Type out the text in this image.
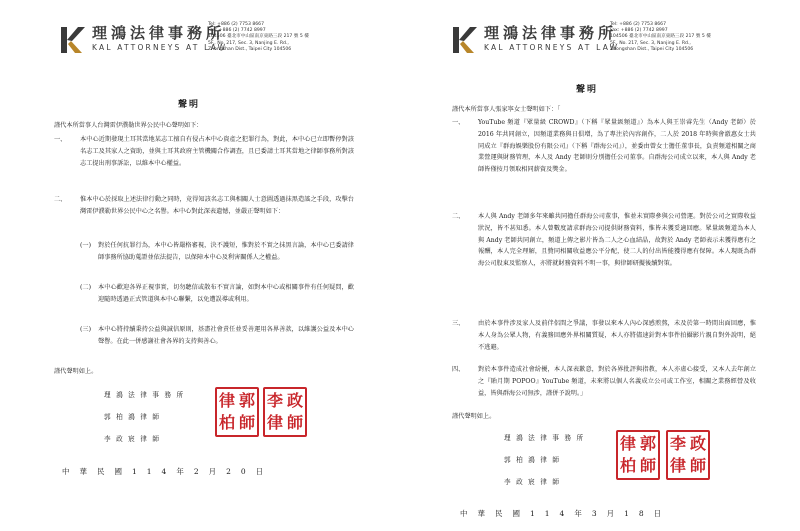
理鴻法律事務所
KAL ATTORNEYS AT LAW
Tel: +886 (2) 7753 8667
Fax: +886 (2) 7742 8997
104506 臺北市中山區南京東路三段 217 號 5 樓
5F., No. 217, Sec. 3, Nanjing E. Rd.,
Zhongshan Dist., Taipei City 104506
聲明
謹代本所當事人台灣雷伊濮勒世界公民中心聲明如下：
一、	本中心近期發現土耳其當地某志工擅自有侵占本中心資產之犯罪行為，對此，本中心已立即暫停對該名志工及其家人之資助，並與土耳其政府主管機關合作調查，且已委請土耳其當地之律師事務所對該志工提出刑事訴訟，以維本中心權益。
二、	惟本中心於採取上述法律行動之同時，竟得知該名志工與相關人士意圖透過抹黑造謠之手段，攻擊台灣雷伊濮勒世界公民中心之名譽。本中心對此深表遺憾，並嚴正聲明如下：
(一)	對於任何抗罪行為，本中心皆嚴格審視，決不護短，惟對於不實之抹黑言論，本中心已委請律師事務所協助蒐證並依法提告，以保障本中心及利害關係人之權益。
(二)	本中心歡迎各界正視事實，切勿聽信或散布不實言論，如對本中心或相關事件有任何疑問，歡迎隨時透過正式管道與本中心聯繫，以免遭誤導或利用。
(三)	本中心將持續秉持公益與誠信原則，基盡社會責任並妥善運用各界善款，以維護公益及本中心聲譽。在此一併感謝社會各界的支持與善心。
謹代聲明如上。
理鴻法律事務所
郭柏鴻律師
李政宸律師
律 郭
柏 師
李 政
律 師
中華民國114年2月20日
理鴻法律事務所
KAL ATTORNEYS AT LAW
Tel: +886 (2) 7753 8667
Fax: +886 (2) 7742 8997
104506 臺北市中山區南京東路三段 217 號 5 樓
5F., No. 217, Sec. 3, Nanjing E. Rd.,
Zhongshan Dist., Taipei City 104506
聲明
謹代本所當事人張家寧女士聲明如下：「
一、	YouTube 頻道『眾量級 CROWD』（下稱『眾量級頻道』）為本人與王崇睿先生（Andy 老師）於 2016 年共同創立，因頻道業務與日俱增，為了專注於內容創作，二人於 2018 年時與會澈惠女士共同成立『群海娛樂股份有限公司』（下稱『群海公司』），並委由曾女士擔任董事長，負責頻道相關之商業營運與財務管理，本人及 Andy 老師則分別擔任公司董事。自群海公司成立以來，本人與 Andy 老師皆僅按月領取相同薪資及獎金。
二、	本人與 Andy 老師多年來雖共同擔任群海公司董事，惟並未實際參與公司營運。對於公司之實際收益狀況，皆不甚知悉。本人曾數度請求群海公司提供財務資料，惟皆未獲妥適回應。眾量級頻道為本人與 Andy 老師共同創立，頻道上傳之影片皆為二人之心血結晶，故對於 Andy 老師表示未獲得應有之報酬，本人完全理解，且贊同相關收益應公平分配，使二人的付出皆能獲得應有保障。本人現既為群海公司股東及監察人，亦將就財務資料不明一事，與律師研擬後續對策。
三、	由於本事件涉及家人及前伴侶間之爭議，事發以來本人內心深感煎熬，未及於第一時間出面回應，惟本人身為公眾人物，有義務回應外界相關質疑，本人亦將儘速針對本事件拍攝影片親自對外說明，絕不逃避。
四、	對於本事件造成社會紛擾，本人深表歉意，對於各界批評與指教，本人亦虛心接受，又本人去年創立之『貽月期 POPOO』YouTube 頻道，未來將以個人名義成立公司或工作室，相關之業務經營及收益，皆與群海公司無涉，謹併予說明。」
謹代聲明如上。
理鴻法律事務所
郭柏鴻律師
李政宸律師
律 郭
柏 師
李 政
律 師
中華民國114年3月18日
